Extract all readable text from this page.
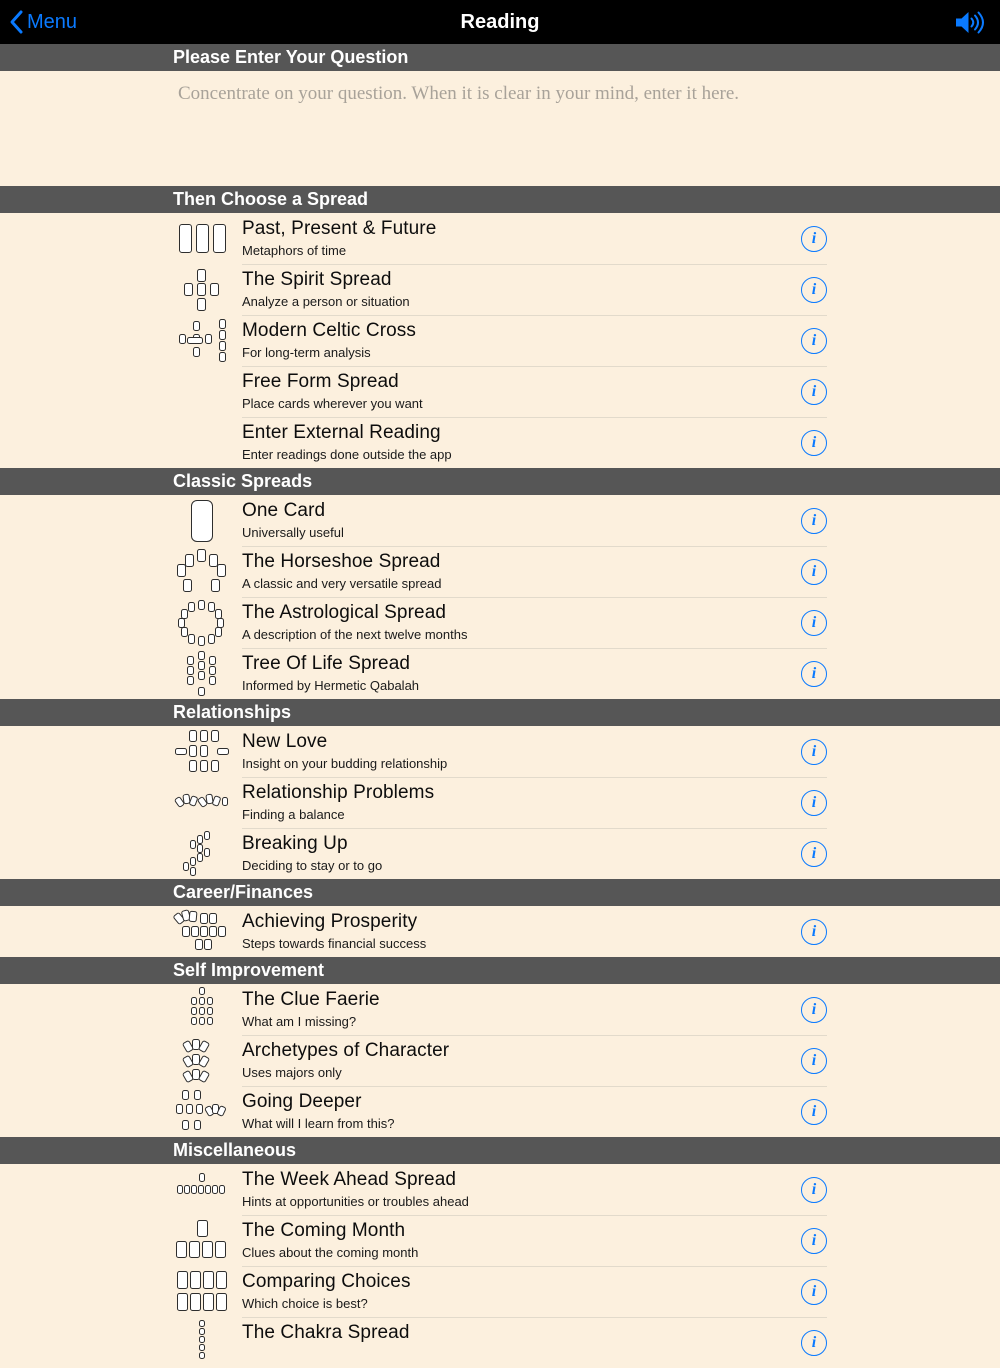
Menu	Reading
Please Enter Your Question
Concentrate on your question. When it is clear in your mind, enter it here.
Then Choose a Spread
Past, Present & Future
Metaphors of time
i
The Spirit Spread
Analyze a person or situation
i
Modern Celtic Cross
For long-term analysis
i
Free Form Spread
Place cards wherever you want
i
Enter External Reading
Enter readings done outside the app
i
Classic Spreads
One Card
Universally useful
i
The Horseshoe Spread
A classic and very versatile spread
i
The Astrological Spread
A description of the next twelve months
i
Tree Of Life Spread
Informed by Hermetic Qabalah
i
Relationships
New Love
Insight on your budding relationship
i
Relationship Problems
Finding a balance
i
Breaking Up
Deciding to stay or to go
i
Career/Finances
Achieving Prosperity
Steps towards financial success
i
Self Improvement
The Clue Faerie
What am I missing?
i
Archetypes of Character
Uses majors only
i
Going Deeper
What will I learn from this?
i
Miscellaneous
The Week Ahead Spread
Hints at opportunities or troubles ahead
i
The Coming Month
Clues about the coming month
i
Comparing Choices
Which choice is best?
i
The Chakra Spread	i
